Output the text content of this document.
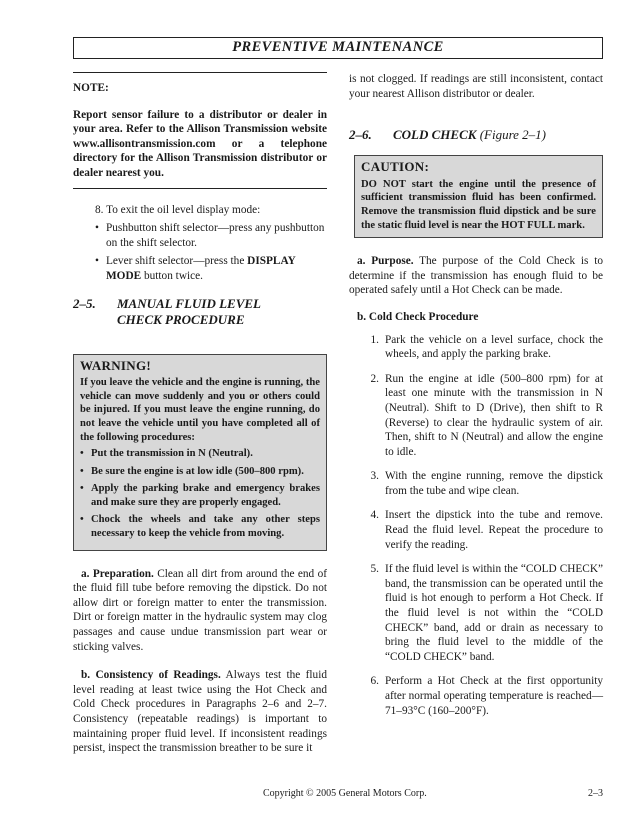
PREVENTIVE MAINTENANCE
NOTE:

Report sensor failure to a distributor or dealer in your area. Refer to the Allison Transmission website www.allisontransmission.com or a telephone directory for the Allison Transmission distributor or dealer nearest you.

8. To exit the oil level display mode:
• Pushbutton shift selector—press any pushbutton on the shift selector.
• Lever shift selector—press the DISPLAY MODE button twice.
2–5.	MANUAL FLUID LEVEL CHECK PROCEDURE
WARNING!

If you leave the vehicle and the engine is running, the vehicle can move suddenly and you or others could be injured. If you must leave the engine running, do not leave the vehicle until you have completed all of the following procedures:

• Put the transmission in N (Neutral).
• Be sure the engine is at low idle (500–800 rpm).
• Apply the parking brake and emergency brakes and make sure they are properly engaged.
• Chock the wheels and take any other steps necessary to keep the vehicle from moving.

a. Preparation. Clean all dirt from around the end of the fluid fill tube before removing the dipstick. Do not allow dirt or foreign matter to enter the transmission. Dirt or foreign matter in the hydraulic system may clog passages and cause undue transmission part wear or sticking valves.

b. Consistency of Readings. Always test the fluid level reading at least twice using the Hot Check and Cold Check procedures in Paragraphs 2–6 and 2–7. Consistency (repeatable readings) is important to maintaining proper fluid level. If inconsistent readings persist, inspect the transmission breather to be sure it

is not clogged. If readings are still inconsistent, contact your nearest Allison distributor or dealer.

2–6.	COLD CHECK (Figure 2–1)
CAUTION:

DO NOT start the engine until the presence of sufficient transmission fluid has been confirmed. Remove the transmission fluid dipstick and be sure the static fluid level is near the HOT FULL mark.

a. Purpose. The purpose of the Cold Check is to determine if the transmission has enough fluid to be operated safely until a Hot Check can be made.

b. Cold Check Procedure
1. Park the vehicle on a level surface, chock the wheels, and apply the parking brake.
2. Run the engine at idle (500–800 rpm) for at least one minute with the transmission in N (Neutral). Shift to D (Drive), then shift to R (Reverse) to clear the hydraulic system of air. Then, shift to N (Neutral) and allow the engine to idle.
3. With the engine running, remove the dipstick from the tube and wipe clean.
4. Insert the dipstick into the tube and remove. Read the fluid level. Repeat the procedure to verify the reading.
5. If the fluid level is within the “COLD CHECK” band, the transmission can be operated until the fluid is hot enough to perform a Hot Check. If the fluid level is not within the “COLD CHECK” band, add or drain as necessary to bring the fluid level to the middle of the “COLD CHECK” band.
6. Perform a Hot Check at the first opportunity after normal operating temperature is reached—71–93°C (160–200°F).
Copyright © 2005 General Motors Corp.	2–3
